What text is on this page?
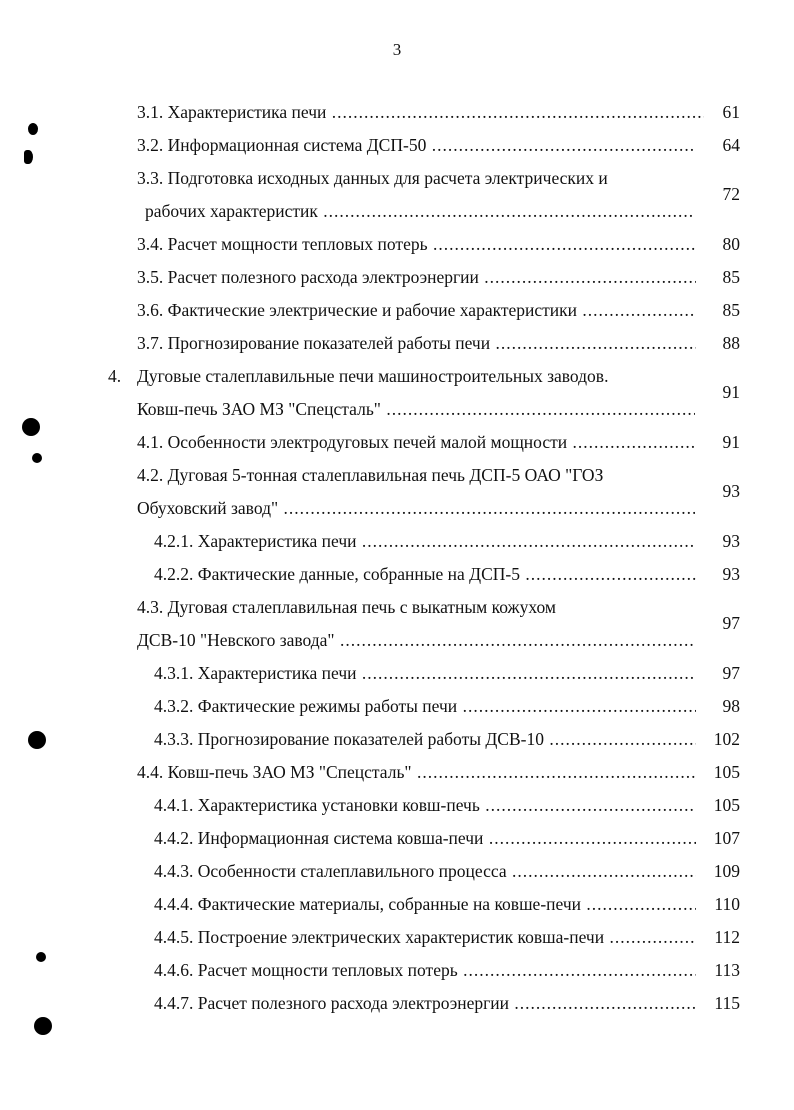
3
3.1. Характеристика печи .....	61
3.2. Информационная система ДСП-50 .....	64
3.3. Подготовка исходных данных для расчета электрических и
рабочих характеристик .....
72
3.4. Расчет мощности тепловых потерь .....	80
3.5. Расчет полезного расхода электроэнергии .....	85
3.6. Фактические электрические и рабочие характеристики .....	85
3.7. Прогнозирование показателей работы печи .....	88
4. Дуговые сталеплавильные печи машиностроительных заводов.
Ковш-печь ЗАО МЗ "Спецсталь" .....
91
4.1. Особенности электродуговых печей малой мощности .....	91
4.2. Дуговая 5-тонная сталеплавильная печь ДСП-5 ОАО "ГОЗ
Обуховский завод" .....
93
4.2.1. Характеристика печи .....	93
4.2.2. Фактические данные, собранные на ДСП-5 .....	93
4.3. Дуговая сталеплавильная печь с выкатным кожухом
ДСВ-10 "Невского завода" .....
97
4.3.1. Характеристика печи .....	97
4.3.2. Фактические режимы работы печи .....	98
4.3.3. Прогнозирование показателей работы ДСВ-10 .....	102
4.4. Ковш-печь ЗАО МЗ "Спецсталь" .....	105
4.4.1. Характеристика установки ковш-печь .....	105
4.4.2. Информационная система ковша-печи .....	107
4.4.3. Особенности сталеплавильного процесса .....	109
4.4.4. Фактические материалы, собранные на ковше-печи .....	110
4.4.5. Построение электрических характеристик ковша-печи .....	112
4.4.6. Расчет мощности тепловых потерь .....	113
4.4.7. Расчет полезного расхода электроэнергии .....	115
